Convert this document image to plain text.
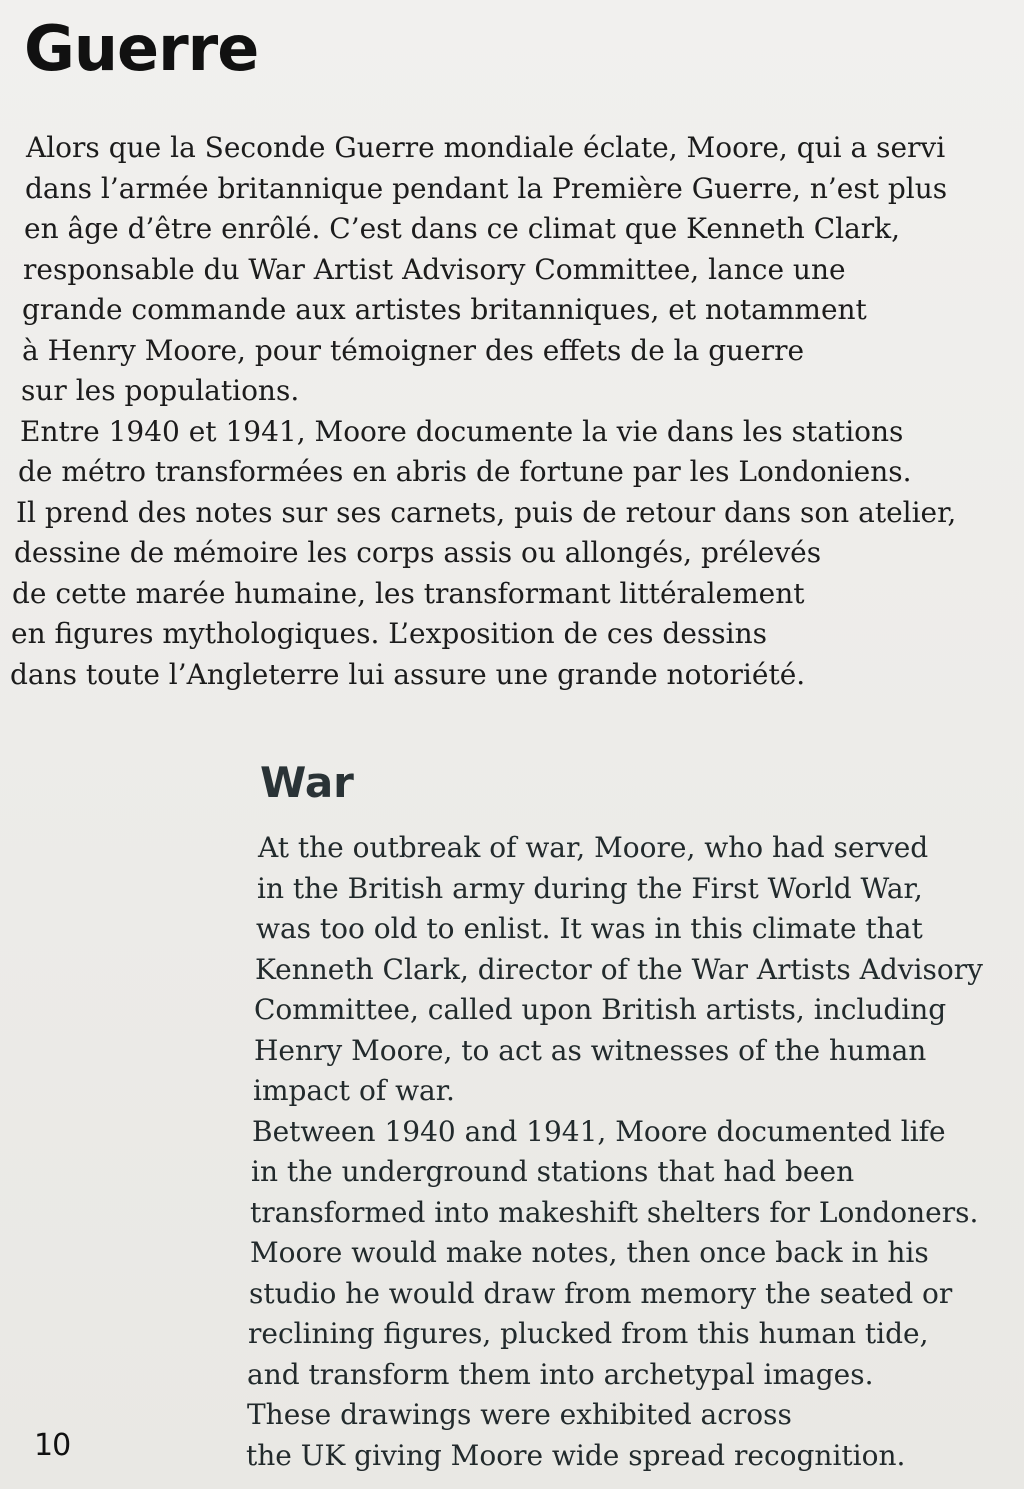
Guerre
Alors que la Seconde Guerre mondiale éclate, Moore, qui a servi
dans l’armée britannique pendant la Première Guerre, n’est plus
en âge d’être enrôlé. C’est dans ce climat que Kenneth Clark,
responsable du War Artist Advisory Committee, lance une
grande commande aux artistes britanniques, et notamment
à Henry Moore, pour témoigner des effets de la guerre
sur les populations.
Entre 1940 et 1941, Moore documente la vie dans les stations
de métro transformées en abris de fortune par les Londoniens.
Il prend des notes sur ses carnets, puis de retour dans son atelier,
dessine de mémoire les corps assis ou allongés, prélevés
de cette marée humaine, les transformant littéralement
en figures mythologiques. L’exposition de ces dessins
dans toute l’Angleterre lui assure une grande notoriété.
War
At the outbreak of war, Moore, who had served
in the British army during the First World War,
was too old to enlist. It was in this climate that
Kenneth Clark, director of the War Artists Advisory
Committee, called upon British artists, including
Henry Moore, to act as witnesses of the human
impact of war.
Between 1940 and 1941, Moore documented life
in the underground stations that had been
transformed into makeshift shelters for Londoners.
Moore would make notes, then once back in his
studio he would draw from memory the seated or
reclining figures, plucked from this human tide,
and transform them into archetypal images.
These drawings were exhibited across
the UK giving Moore wide spread recognition.
10
